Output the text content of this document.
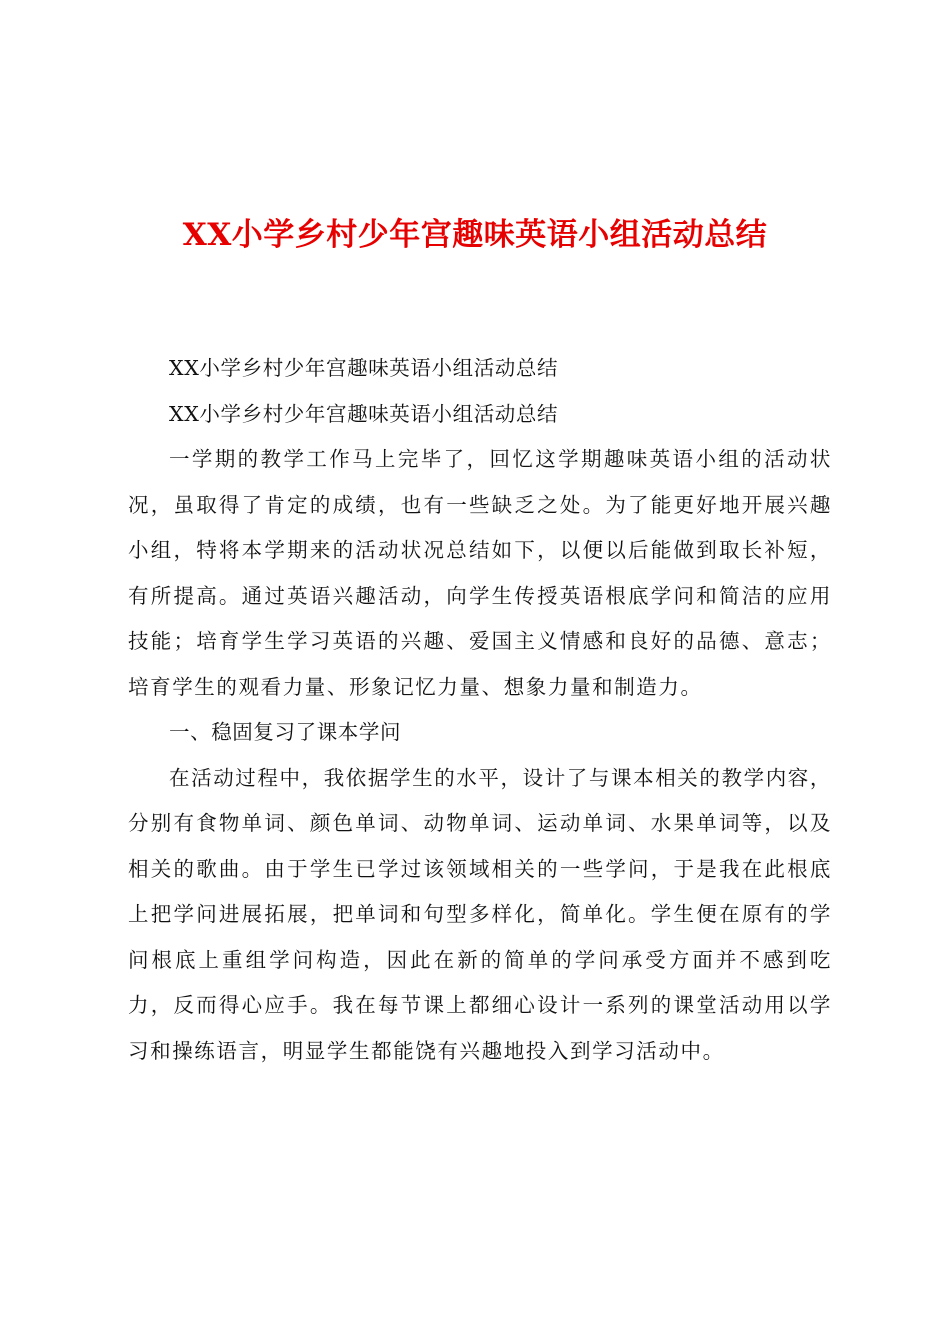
XX小学乡村少年宫趣味英语小组活动总结

XX小学乡村少年宫趣味英语小组活动总结

XX小学乡村少年宫趣味英语小组活动总结

一学期的教学工作马上完毕了，回忆这学期趣味英语小组的活动状况，虽取得了肯定的成绩，也有一些缺乏之处。为了能更好地开展兴趣小组，特将本学期来的活动状况总结如下，以便以后能做到取长补短，有所提高。通过英语兴趣活动，向学生传授英语根底学问和简洁的应用技能；培育学生学习英语的兴趣、爱国主义情感和良好的品德、意志；培育学生的观看力量、形象记忆力量、想象力量和制造力。

一、稳固复习了课本学问

在活动过程中，我依据学生的水平，设计了与课本相关的教学内容，分别有食物单词、颜色单词、动物单词、运动单词、水果单词等，以及相关的歌曲。由于学生已学过该领域相关的一些学问，于是我在此根底上把学问进展拓展，把单词和句型多样化，简单化。学生便在原有的学问根底上重组学问构造，因此在新的简单的学问承受方面并不感到吃力，反而得心应手。我在每节课上都细心设计一系列的课堂活动用以学习和操练语言，明显学生都能饶有兴趣地投入到学习活动中。
